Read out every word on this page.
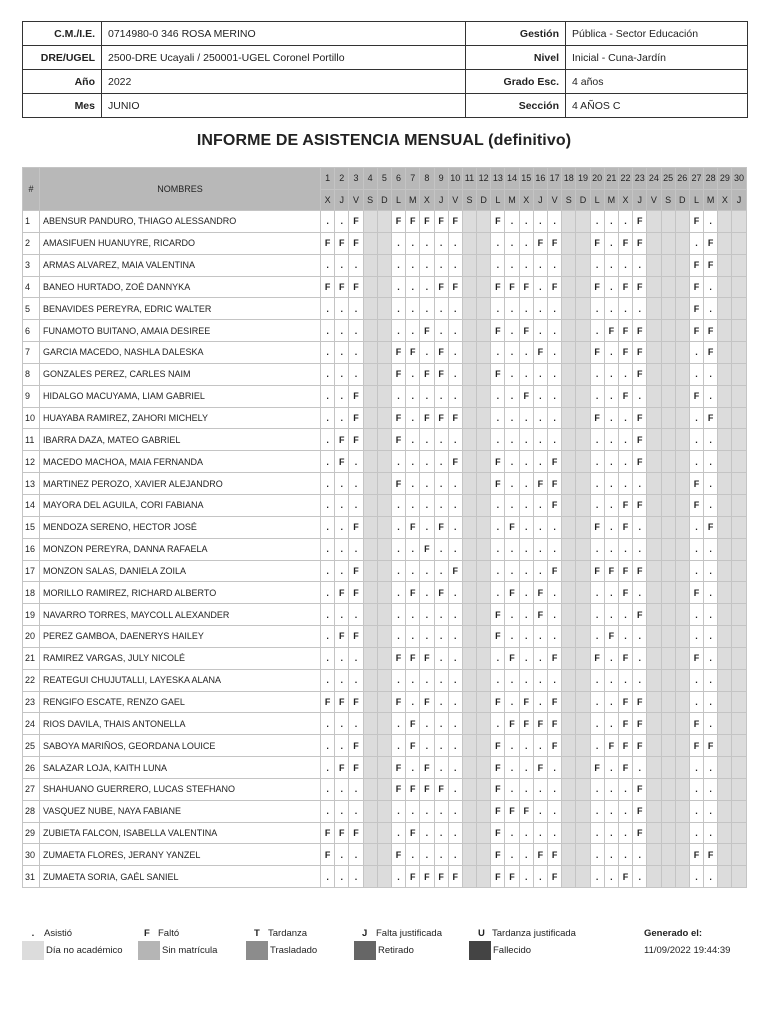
C.M./I.E.	0714980-0 346 ROSA MERINO	Gestión	Pública - Sector Educación
DRE/UGEL	2500-DRE Ucayali / 250001-UGEL Coronel Portillo	Nivel	Inicial - Cuna-Jardín
Año	2022	Grado Esc.	4 años
Mes	JUNIO	Sección	4 AÑOS C
INFORME DE ASISTENCIA MENSUAL (definitivo)
#	NOMBRES	1	2	3	4	5	6	7	8	9	10	11	12	13	14	15	16	17	18	19	20	21	22	23	24	25	26	27	28	29	30
		X	J	V	S	D	L	M	X	J	V	S	D	L	M	X	J	V	S	D	L	M	X	J	V	S	D	L	M	X	J
1	ABENSUR PANDURO, THIAGO ALESSANDRO	.	.	F			F	F	F	F	F			F	.	.	.	.			.	.	.	F				F	.		
2	AMASIFUEN HUANUYRE, RICARDO	F	F	F			.	.	.	.	.			.	.	.	F	F			F	.	F	F				.	F		
3	ARMAS ALVAREZ, MAIA VALENTINA	.	.	.			.	.	.	.	.			.	.	.	.	.			.	.	.	.				F	F		
4	BANEO HURTADO, ZOÉ DANNYKA	F	F	F			.	.	.	F	F			F	F	F	.	F			F	.	F	F				F	.		
5	BENAVIDES PEREYRA, EDRIC WALTER	.	.	.			.	.	.	.	.			.	.	.	.	.			.	.	.	.				F	.		
6	FUNAMOTO BUITANO, AMAIA DESIREE	.	.	.			.	.	F	.	.			F	.	F	.	.			.	F	F	F				F	F		
7	GARCIA MACEDO, NASHLA DALESKA	.	.	.			F	F	.	F	.			.	.	.	F	.			F	.	F	F				.	F		
8	GONZALES PEREZ, CARLES NAIM	.	.	.			F	.	F	F	.			F	.	.	.	.			.	.	.	F				.	.		
9	HIDALGO MACUYAMA, LIAM GABRIEL	.	.	F			.	.	.	.	.			.	.	F	.	.			.	.	F	.				F	.		
10	HUAYABA RAMIREZ, ZAHORI MICHELY	.	.	F			F	.	F	F	F			.	.	.	.	.			F	.	.	F				.	F		
11	IBARRA DAZA, MATEO GABRIEL	.	F	F			F	.	.	.	.			.	.	.	.	.			.	.	.	F				.	.		
12	MACEDO MACHOA, MAIA FERNANDA	.	F	.			.	.	.	.	F			F	.	.	.	F			.	.	.	F				.	.		
13	MARTINEZ PEROZO, XAVIER ALEJANDRO	.	.	.			F	.	.	.	.			F	.	.	F	F			.	.	.	.				F	.		
14	MAYORA DEL AGUILA, CORI FABIANA	.	.	.			.	.	.	.	.			.	.	.	.	F			.	.	F	F				F	.		
15	MENDOZA SERENO, HECTOR JOSÉ	.	.	F			.	F	.	F	.			.	F	.	.	.			F	.	F	.				.	F		
16	MONZON PEREYRA, DANNA RAFAELA	.	.	.			.	.	F	.	.			.	.	.	.	.			.	.	.	.				.	.		
17	MONZON SALAS, DANIELA ZOILA	.	.	F			.	.	.	.	F			.	.	.	.	F			F	F	F	F				.	.		
18	MORILLO RAMIREZ, RICHARD ALBERTO	.	F	F			.	F	.	F	.			.	F	.	F	.			.	.	F	.				F	.		
19	NAVARRO TORRES, MAYCOLL ALEXANDER	.	.	.			.	.	.	.	.			F	.	.	F	.			.	.	.	F				.	.		
20	PEREZ GAMBOA, DAENERYS HAILEY	.	F	F			.	.	.	.	.			F	.	.	.	.			.	F	.	.				.	.		
21	RAMIREZ VARGAS, JULY NICOLÉ	.	.	.			F	F	F	.	.			.	F	.	.	F			F	.	F	.				F	.		
22	REATEGUI CHUJUTALLI, LAYESKA ALANA	.	.	.			.	.	.	.	.			.	.	.	.	.			.	.	.	.				.	.		
23	RENGIFO ESCATE, RENZO GAEL	F	F	F			F	.	F	.	.			F	.	F	.	F			.	.	F	F				.	.		
24	RIOS DAVILA, THAIS ANTONELLA	.	.	.			.	F	.	.	.			.	F	F	F	F			.	.	F	F				F	.		
25	SABOYA MARIÑOS, GEORDANA LOUICE	.	.	F			.	F	.	.	.			F	.	.	.	F			.	F	F	F				F	F		
26	SALAZAR LOJA, KAITH LUNA	.	F	F			F	.	F	.	.			F	.	.	F	.			F	.	F	.				.	.		
27	SHAHUANO GUERRERO, LUCAS STEFHANO	.	.	.			F	F	F	F	.			F	.	.	.	.			.	.	.	F				.	.		
28	VASQUEZ NUBE, NAYA FABIANE	.	.	.			.	.	.	.	.			F	F	F	.	.			.	.	.	F				.	.		
29	ZUBIETA FALCON, ISABELLA VALENTINA	F	F	F			.	F	.	.	.			F	.	.	.	.			.	.	.	F				.	.		
30	ZUMAETA FLORES, JERANY YANZEL	F	.	.			F	.	.	.	.			F	.	.	F	F			.	.	.	.				F	F		
31	ZUMAETA SORIA, GAÉL SANIEL	.	.	.			.	F	F	F	F			F	F	.	.	F			.	.	F	.				.	.		
. Asistió	F Faltó	T Tardanza	J Falta justificada	U Tardanza justificada
Día no académico	Sin matrícula	Trasladado	Retirado	Fallecido
Generado el:
11/09/2022 19:44:39
